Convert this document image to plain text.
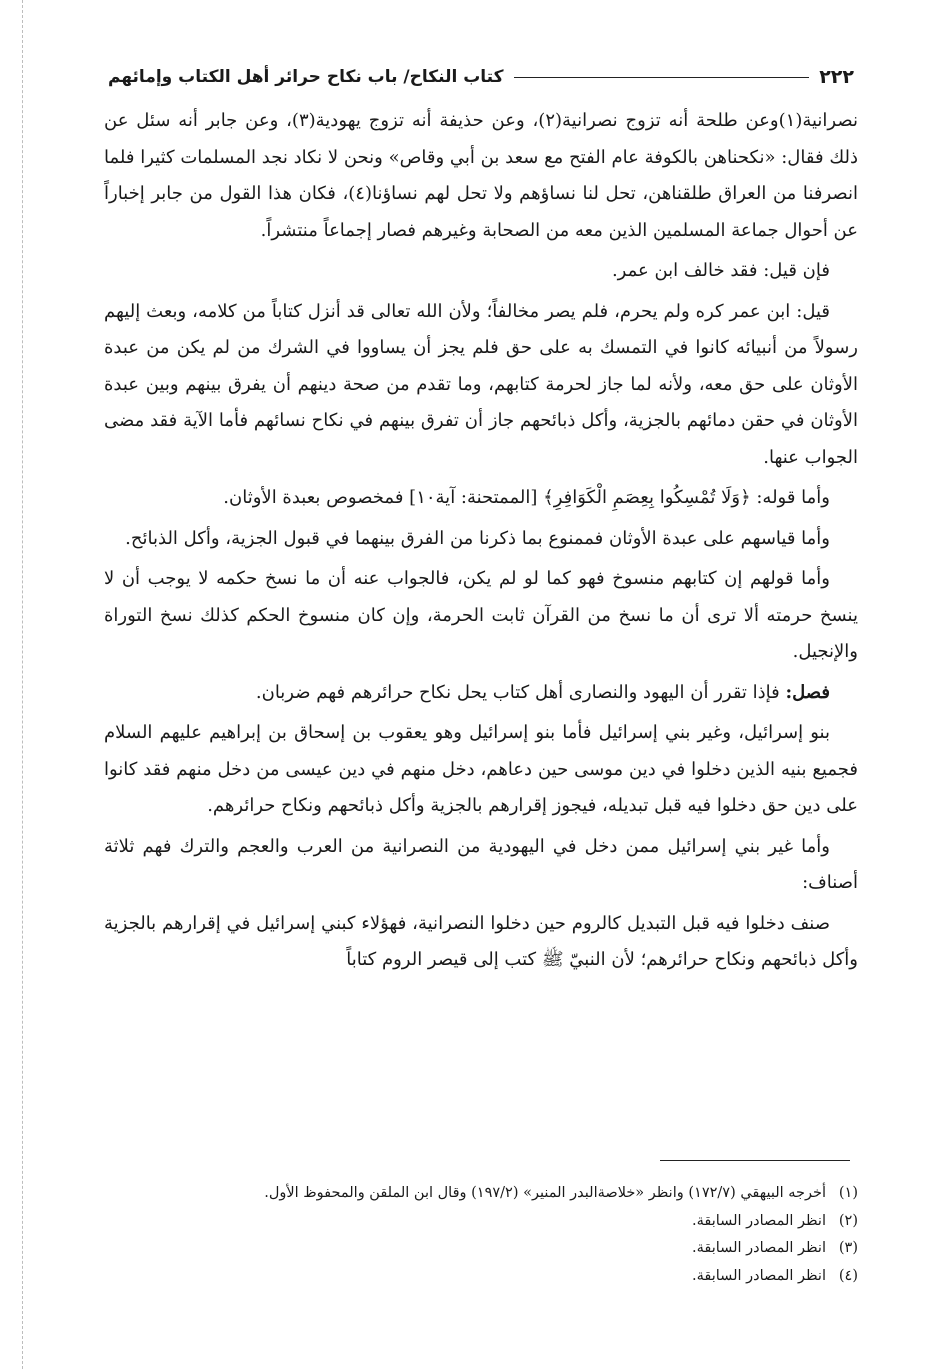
٢٢٢
كتاب النكاح/ باب نكاح حرائر أهل الكتاب وإمائهم

نصرانية(١)وعن طلحة أنه تزوج نصرانية(٢)، وعن حذيفة أنه تزوج يهودية(٣)، وعن جابر أنه سئل عن ذلك فقال: «نكحناهن بالكوفة عام الفتح مع سعد بن أبي وقاص» ونحن لا نكاد نجد المسلمات كثيرا فلما انصرفنا من العراق طلقناهن، تحل لنا نساؤهم ولا تحل لهم نساؤنا(٤)، فكان هذا القول من جابر إخباراً عن أحوال جماعة المسلمين الذين معه من الصحابة وغيرهم فصار إجماعاً منتشراً.

فإن قيل: فقد خالف ابن عمر.

قيل: ابن عمر كره ولم يحرم، فلم يصر مخالفاً؛ ولأن الله تعالى قد أنزل كتاباً من كلامه، وبعث إليهم رسولاً من أنبيائه كانوا في التمسك به على حق فلم يجز أن يساووا في الشرك من لم يكن من عبدة الأوثان على حق معه، ولأنه لما جاز لحرمة كتابهم، وما تقدم من صحة دينهم أن يفرق بينهم وبين عبدة الأوثان في حقن دمائهم بالجزية، وأكل ذبائحهم جاز أن تفرق بينهم في نكاح نسائهم فأما الآية فقد مضى الجواب عنها.

وأما قوله: ﴿وَلَا تُمْسِكُوا بِعِصَمِ الْكَوَافِرِ﴾ [الممتحنة: آية١٠] فمخصوص بعبدة الأوثان.

وأما قياسهم على عبدة الأوثان فممنوع بما ذكرنا من الفرق بينهما في قبول الجزية، وأكل الذبائح.

وأما قولهم إن كتابهم منسوخ فهو كما لو لم يكن، فالجواب عنه أن ما نسخ حكمه لا يوجب أن لا ينسخ حرمته ألا ترى أن ما نسخ من القرآن ثابت الحرمة، وإن كان منسوخ الحكم كذلك نسخ التوراة والإنجيل.

فصل: فإذا تقرر أن اليهود والنصارى أهل كتاب يحل نكاح حرائرهم فهم ضربان.

بنو إسرائيل، وغير بني إسرائيل فأما بنو إسرائيل وهو يعقوب بن إسحاق بن إبراهيم عليهم السلام فجميع بنيه الذين دخلوا في دين موسى حين دعاهم، دخل منهم في دين عيسى من دخل منهم فقد كانوا على دين حق دخلوا فيه قبل تبديله، فيجوز إقرارهم بالجزية وأكل ذبائحهم ونكاح حرائرهم.

وأما غير بني إسرائيل ممن دخل في اليهودية من النصرانية من العرب والعجم والترك فهم ثلاثة أصناف:

صنف دخلوا فيه قبل التبديل كالروم حين دخلوا النصرانية، فهؤلاء كبني إسرائيل في إقرارهم بالجزية وأكل ذبائحهم ونكاح حرائرهم؛ لأن النبيّ ﷺ كتب إلى قيصر الروم كتاباً

(١)
أخرجه البيهقي (١٧٢/٧) وانظر «خلاصةالبدر المنير» (١٩٧/٢) وقال ابن الملقن والمحفوظ الأول.
(٢)
انظر المصادر السابقة.
(٣)
انظر المصادر السابقة.
(٤)
انظر المصادر السابقة.
